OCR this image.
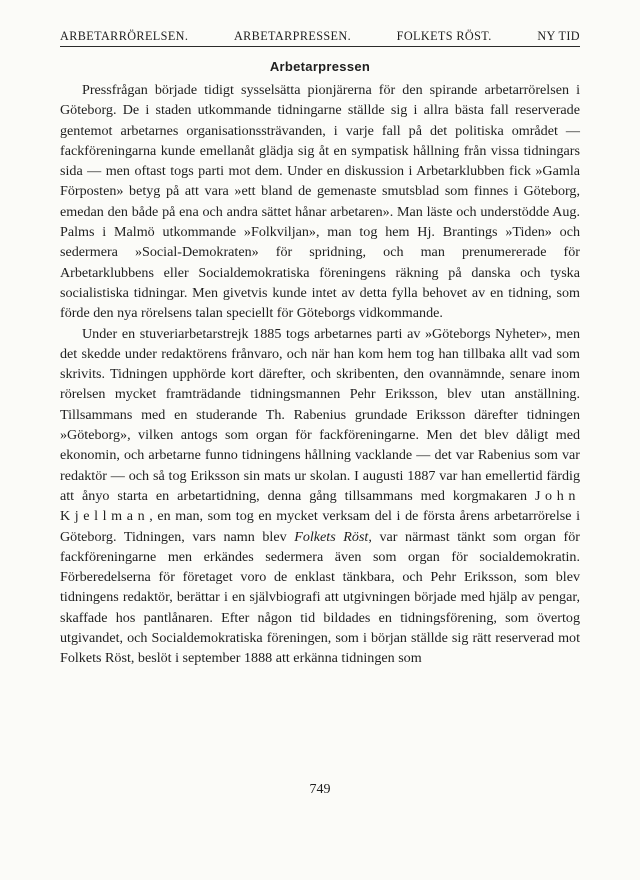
ARBETARRÖRELSEN.	ARBETARPRESSEN.	FOLKETS RÖST.	NY TID
Arbetarpressen

Pressfrågan började tidigt sysselsätta pionjärerna för den spirande arbetarrörelsen i Göteborg. De i staden utkommande tidningarne ställde sig i allra bästa fall reserverade gentemot arbetarnes organisationssträvanden, i varje fall på det politiska området — fackföreningarna kunde emellanåt glädja sig åt en sympatisk hållning från vissa tidningars sida — men oftast togs parti mot dem. Under en diskussion i Arbetarklubben fick »Gamla Förposten» betyg på att vara »ett bland de gemenaste smutsblad som finnes i Göteborg, emedan den både på ena och andra sättet hånar arbetaren». Man läste och understödde Aug. Palms i Malmö utkommande »Folkviljan», man tog hem Hj. Brantings »Tiden» och sedermera »Social-Demokraten» för spridning, och man prenumererade för Arbetarklubbens eller Socialdemokratiska föreningens räkning på danska och tyska socialistiska tidningar. Men givetvis kunde intet av detta fylla behovet av en tidning, som förde den nya rörelsens talan speciellt för Göteborgs vidkommande.

Under en stuveriarbetarstrejk 1885 togs arbetarnes parti av »Göteborgs Nyheter», men det skedde under redaktörens frånvaro, och när han kom hem tog han tillbaka allt vad som skrivits. Tidningen upphörde kort därefter, och skribenten, den ovannämnde, senare inom rörelsen mycket framträdande tidningsmannen Pehr Eriksson, blev utan anställning. Tillsammans med en studerande Th. Rabenius grundade Eriksson därefter tidningen »Göteborg», vilken antogs som organ för fackföreningarne. Men det blev dåligt med ekonomin, och arbetarne funno tidningens hållning vacklande — det var Rabenius som var redaktör — och så tog Eriksson sin mats ur skolan. I augusti 1887 var han emellertid färdig att ånyo starta en arbetartidning, denna gång tillsammans med korgmakaren John Kjellman, en man, som tog en mycket verksam del i de första årens arbetarrörelse i Göteborg. Tidningen, vars namn blev Folkets Röst, var närmast tänkt som organ för fackföreningarne men erkändes sedermera även som organ för socialdemokratin. Förberedelserna för företaget voro de enklast tänkbara, och Pehr Eriksson, som blev tidningens redaktör, berättar i en självbiografi att utgivningen började med hjälp av pengar, skaffade hos pantlånaren. Efter någon tid bildades en tidningsförening, som övertog utgivandet, och Socialdemokratiska föreningen, som i början ställde sig rätt reserverad mot Folkets Röst, beslöt i september 1888 att erkänna tidningen som

749
